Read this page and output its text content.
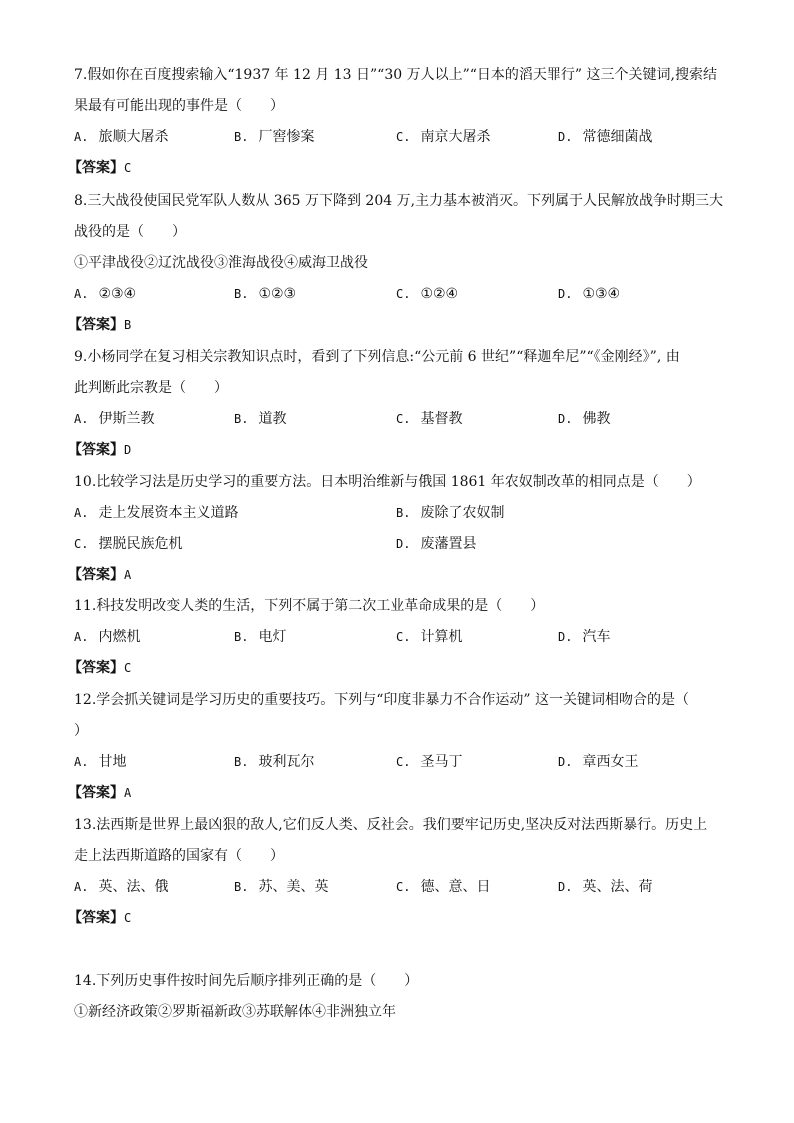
7.假如你在百度搜索输入“1937 年 12 月 13 日”“30 万人以上”“日本的滔天罪行” 这三个关键词,搜索结
果最有可能出现的事件是（　　）
A. 旅顺大屠杀	B. 厂窖惨案	C. 南京大屠杀	D. 常德细菌战
【答案】C
8.三大战役使国民党军队人数从 365 万下降到 204 万,主力基本被消灭。下列属于人民解放战争时期三大
战役的是（　　）
①平津战役②辽沈战役③淮海战役④威海卫战役
A. ②③④	B. ①②③	C. ①②④	D. ①③④
【答案】B
9.小杨同学在复习相关宗教知识点时，看到了下列信息:“公元前 6 世纪”“释迦牟尼”“《金刚经》”, 由
此判断此宗教是（　　）
A. 伊斯兰教	B. 道教	C. 基督教	D. 佛教
【答案】D
10.比较学习法是历史学习的重要方法。日本明治维新与俄国 1861 年农奴制改革的相同点是（　　）
A. 走上发展资本主义道路	B. 废除了农奴制
C. 摆脱民族危机	D. 废藩置县
【答案】A
11.科技发明改变人类的生活，下列不属于第二次工业革命成果的是（　　）
A. 内燃机	B. 电灯	C. 计算机	D. 汽车
【答案】C
12.学会抓关键词是学习历史的重要技巧。下列与“印度非暴力不合作运动” 这一关键词相吻合的是（
）
A. 甘地	B. 玻利瓦尔	C. 圣马丁	D. 章西女王
【答案】A
13.法西斯是世界上最凶狠的敌人,它们反人类、反社会。我们要牢记历史,坚决反对法西斯暴行。历史上
走上法西斯道路的国家有（　　）
A. 英、法、俄	B. 苏、美、英	C. 德、意、日	D. 英、法、荷
【答案】C
14.下列历史事件按时间先后顺序排列正确的是（　　）
①新经济政策②罗斯福新政③苏联解体④非洲独立年
